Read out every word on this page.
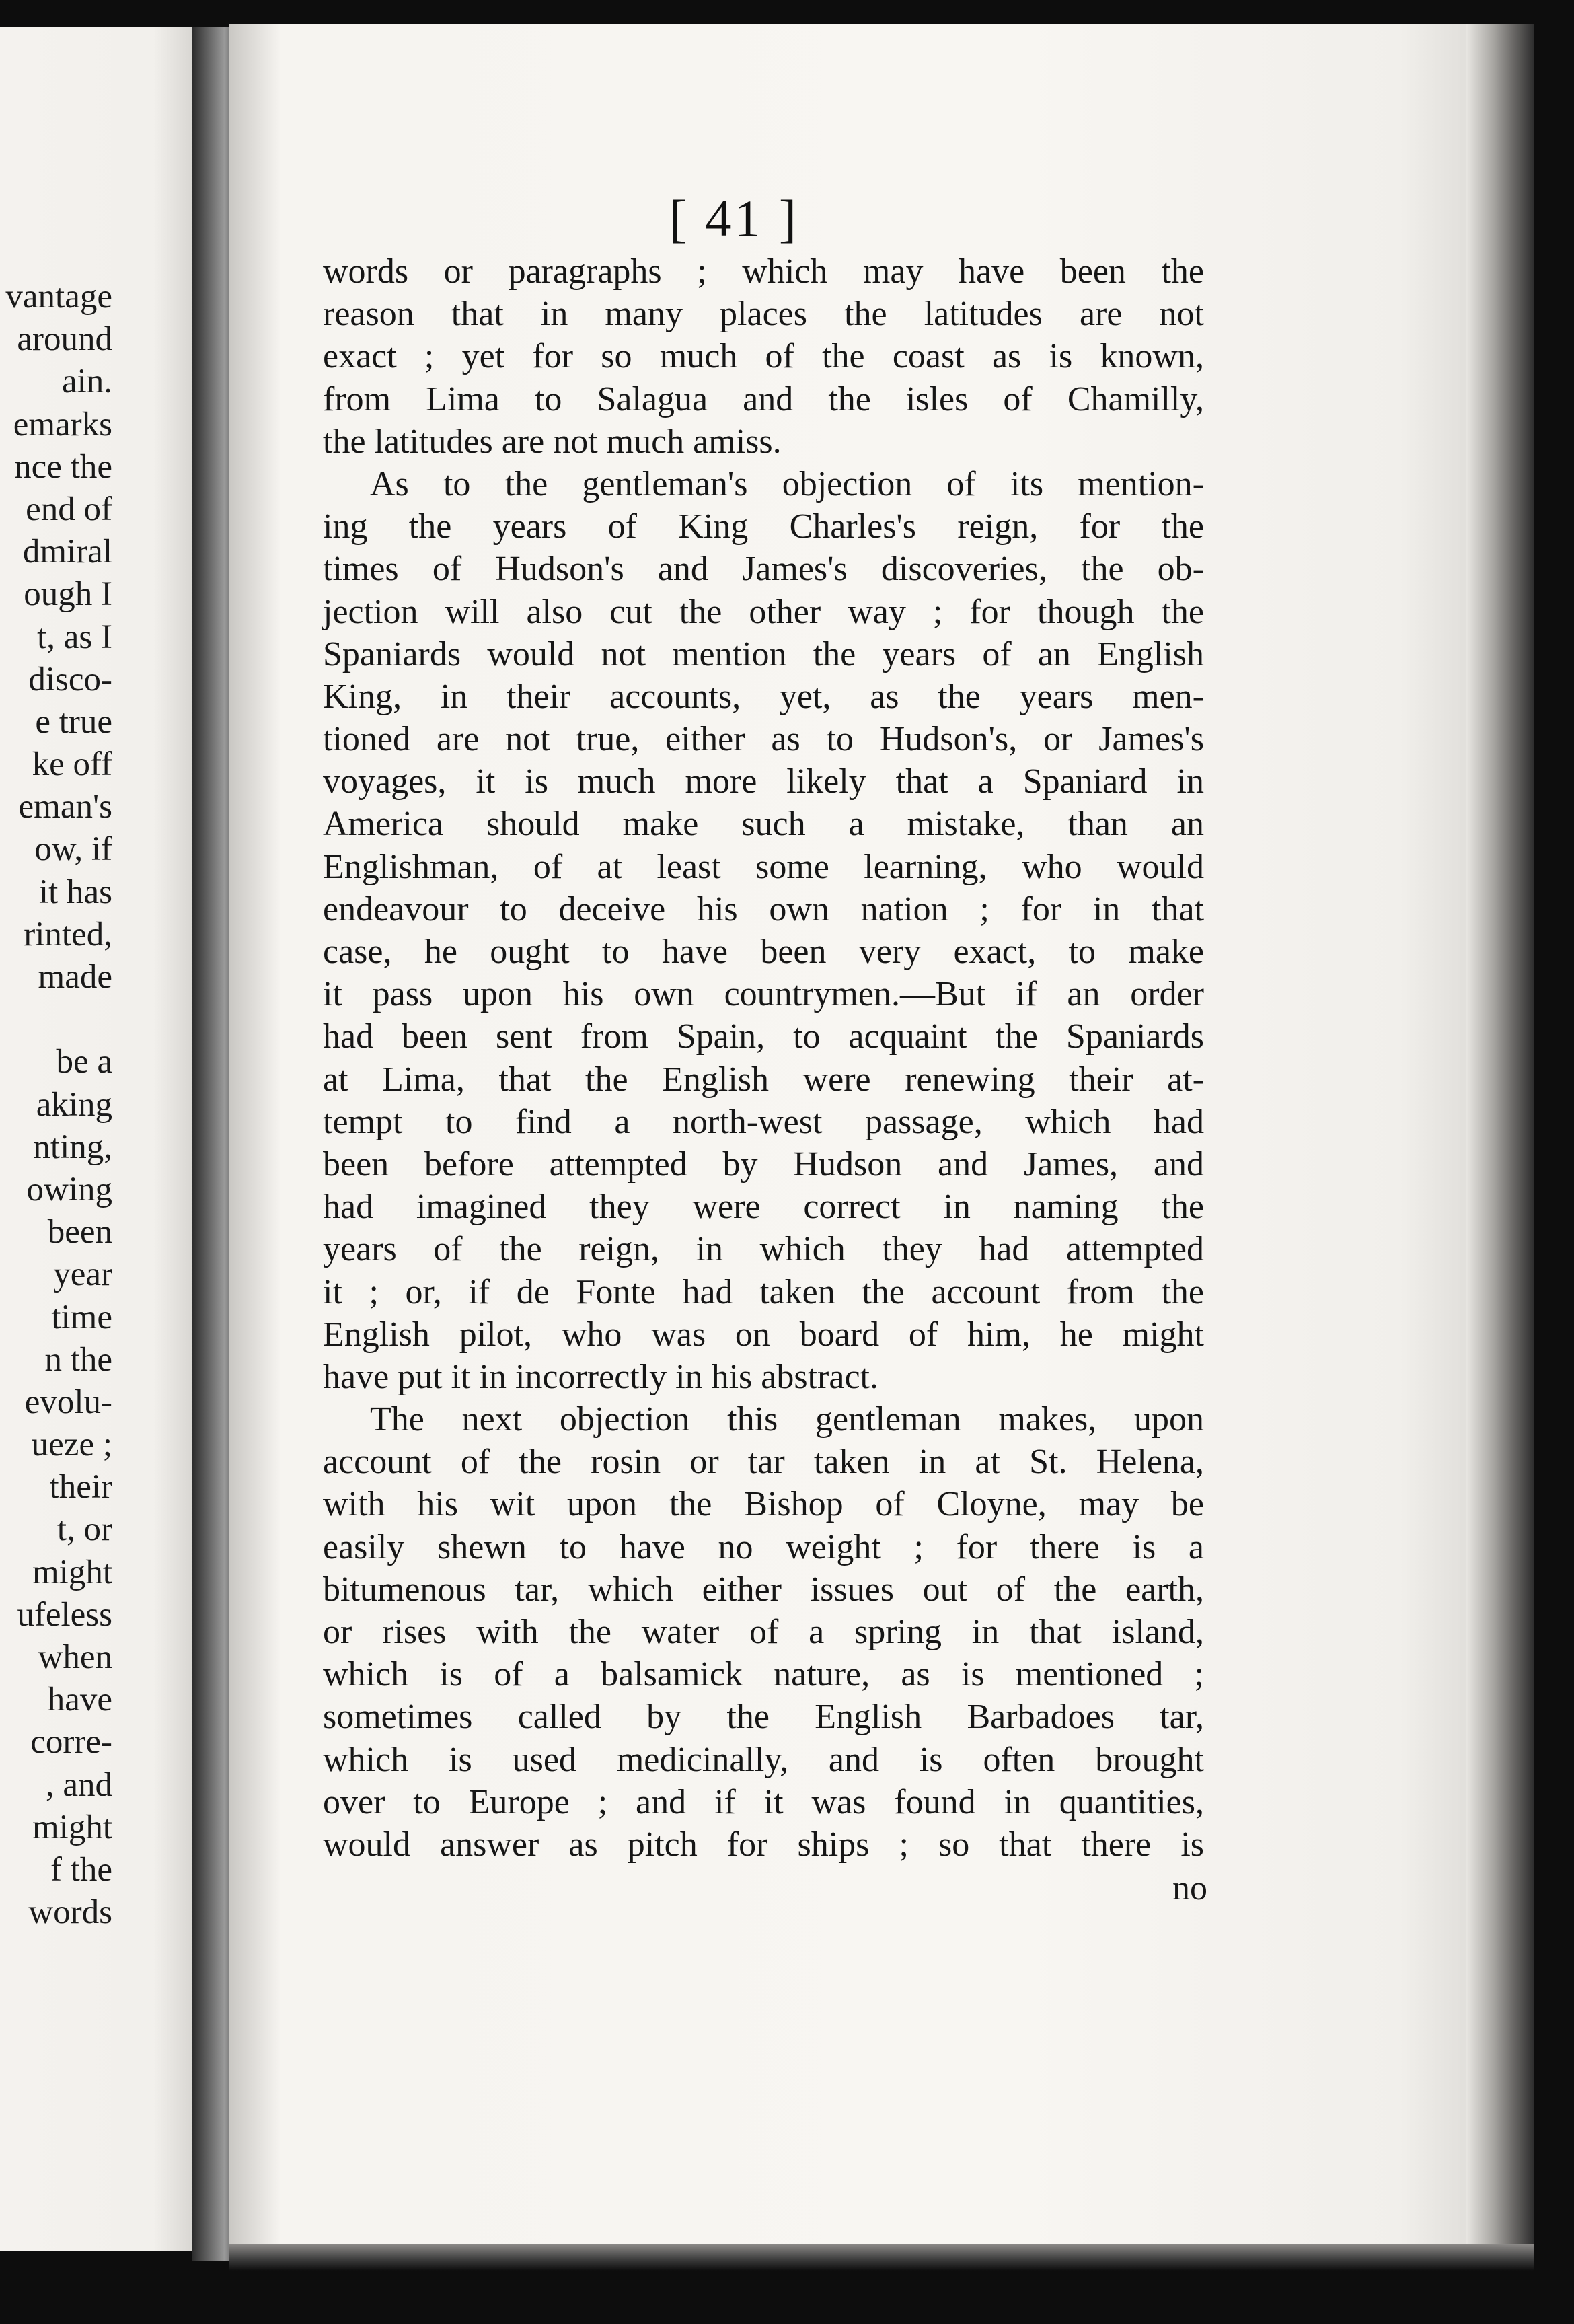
vantage
around
ain.
emarks
nce the
end of
dmiral
ough I
t, as I
disco-
e true
ke off
eman's
ow, if
it has
rinted,
made
be a
aking
nting,
owing
been
year
time
n the
evolu-
ueze ;
their
t, or
might
ufeless
when
have
corre-
, and
might
f the
words
[ 41 ]
words or paragraphs ; which may have been the
reason that in many places the latitudes are not
exact ; yet for so much of the coast as is known,
from Lima to Salagua and the isles of Chamilly,
the latitudes are not much amiss.
As to the gentleman's objection of its mention-
ing the years of King Charles's reign, for the
times of Hudson's and James's discoveries, the ob-
jection will also cut the other way ; for though the
Spaniards would not mention the years of an English
King, in their accounts, yet, as the years men-
tioned are not true, either as to Hudson's, or James's
voyages, it is much more likely that a Spaniard in
America should make such a mistake, than an
Englishman, of at least some learning, who would
endeavour to deceive his own nation ; for in that
case, he ought to have been very exact, to make
it pass upon his own countrymen.—But if an order
had been sent from Spain, to acquaint the Spaniards
at Lima, that the English were renewing their at-
tempt to find a north-west passage, which had
been before attempted by Hudson and James, and
had imagined they were correct in naming the
years of the reign, in which they had attempted
it ; or, if de Fonte had taken the account from the
English pilot, who was on board of him, he might
have put it in incorrectly in his abstract.
The next objection this gentleman makes, upon
account of the rosin or tar taken in at St. Helena,
with his wit upon the Bishop of Cloyne, may be
easily shewn to have no weight ; for there is a
bitumenous tar, which either issues out of the earth,
or rises with the water of a spring in that island,
which is of a balsamick nature, as is mentioned ;
sometimes called by the English Barbadoes tar,
which is used medicinally, and is often brought
over to Europe ; and if it was found in quantities,
would answer as pitch for ships ; so that there is
no
